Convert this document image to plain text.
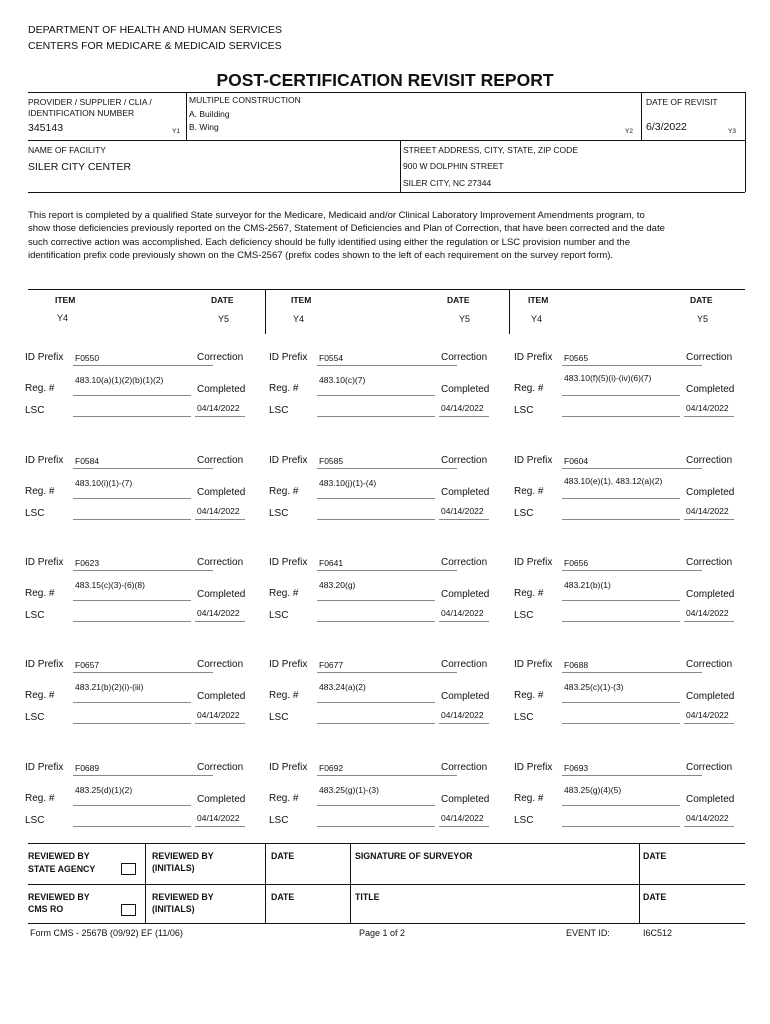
DEPARTMENT OF HEALTH AND HUMAN SERVICES
CENTERS FOR MEDICARE & MEDICAID SERVICES
POST-CERTIFICATION REVISIT REPORT
PROVIDER / SUPPLIER / CLIA /
IDENTIFICATION NUMBER
345143	Y1
MULTIPLE CONSTRUCTION
A. Building
B. Wing	Y2
DATE OF REVISIT
6/3/2022	Y3
NAME OF FACILITY
SILER CITY CENTER
STREET ADDRESS, CITY, STATE, ZIP CODE
900 W DOLPHIN STREET
SILER CITY, NC 27344
This report is completed by a qualified State surveyor for the Medicare, Medicaid and/or Clinical Laboratory Improvement Amendments program, to show those deficiencies previously reported on the CMS-2567, Statement of Deficiencies and Plan of Correction, that have been corrected and the date such corrective action was accomplished. Each deficiency should be fully identified using either the regulation or LSC provision number and the identification prefix code previously shown on the CMS-2567 (prefix codes shown to the left of each requirement on the survey report form).
ITEM	DATE	ITEM	DATE	ITEM	DATE
Y4	Y5	Y4	Y5	Y4	Y5
ID Prefix F0550	Correction
Reg. #
483.10(a)(1)(2)(b)(1)(2)
Completed
LSC	04/14/2022
ID Prefix F0554	Correction
Reg. #
483.10(c)(7)
Completed
LSC	04/14/2022
ID Prefix F0565	Correction
Reg. #
483.10(f)(5)(i)-(iv)(6)(7)
Completed
LSC	04/14/2022
ID Prefix F0584	Correction
Reg. #
483.10(i)(1)-(7)
Completed
LSC	04/14/2022
ID Prefix F0585	Correction
Reg. #
483.10(j)(1)-(4)
Completed
LSC	04/14/2022
ID Prefix F0604	Correction
Reg. #
483.10(e)(1), 483.12(a)(2)
Completed
LSC	04/14/2022
ID Prefix F0623	Correction
Reg. #
483.15(c)(3)-(6)(8)
Completed
LSC	04/14/2022
ID Prefix F0641	Correction
Reg. #
483.20(g)
Completed
LSC	04/14/2022
ID Prefix F0656	Correction
Reg. #
483.21(b)(1)
Completed
LSC	04/14/2022
ID Prefix F0657	Correction
Reg. #
483.21(b)(2)(i)-(iii)
Completed
LSC	04/14/2022
ID Prefix F0677	Correction
Reg. #
483.24(a)(2)
Completed
LSC	04/14/2022
ID Prefix F0688	Correction
Reg. #
483.25(c)(1)-(3)
Completed
LSC	04/14/2022
ID Prefix F0689	Correction
Reg. #
483.25(d)(1)(2)
Completed
LSC	04/14/2022
ID Prefix F0692	Correction
Reg. #
483.25(g)(1)-(3)
Completed
LSC	04/14/2022
ID Prefix F0693	Correction
Reg. #
483.25(g)(4)(5)
Completed
LSC	04/14/2022
REVIEWED BY
STATE AGENCY
REVIEWED BY
(INITIALS)
DATE	SIGNATURE OF SURVEYOR	DATE
REVIEWED BY
CMS RO
REVIEWED BY
(INITIALS)
DATE	TITLE	DATE
Form CMS - 2567B (09/92) EF (11/06)	Page 1 of 2	EVENT ID:	I6C512
